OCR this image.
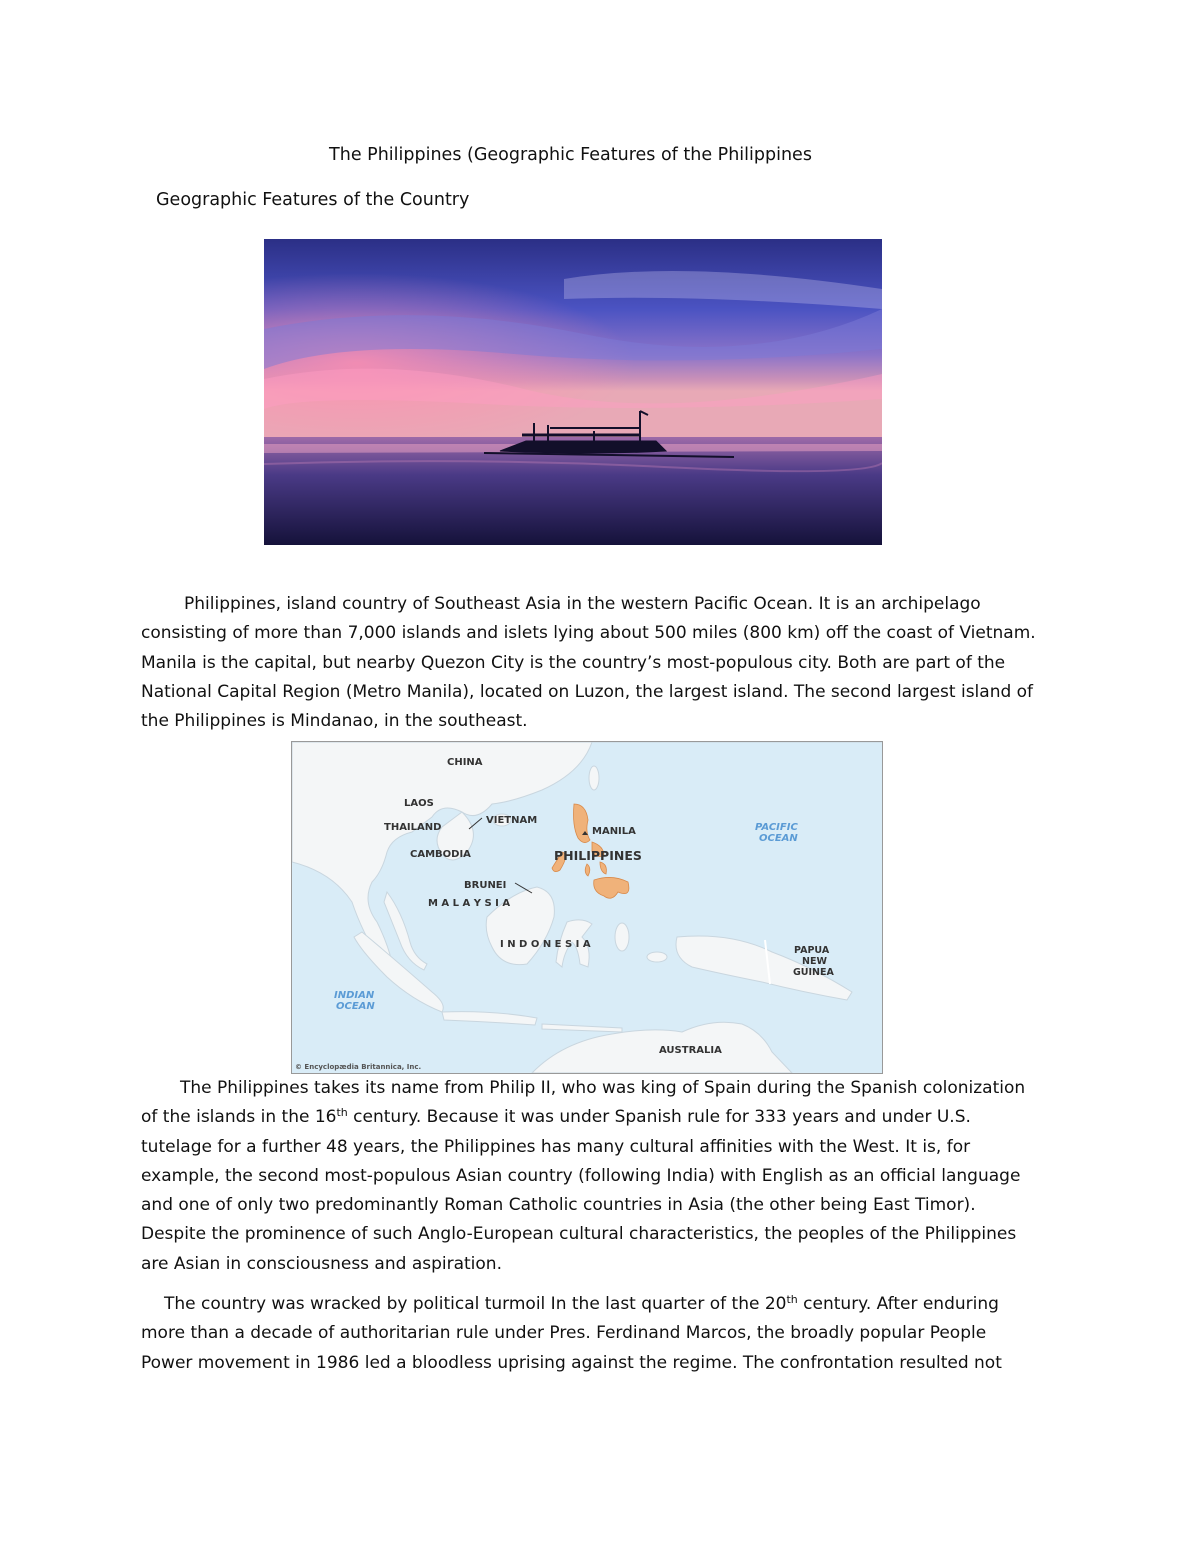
The Philippines (Geographic Features of the Philippines
Geographic Features of the Country
Philippines, island country of Southeast Asia in the western Pacific Ocean. It is an archipelago
consisting of more than 7,000 islands and islets lying about 500 miles (800 km) off the coast of Vietnam.
Manila is the capital, but nearby Quezon City is the country’s most-populous city. Both are part of the
National Capital Region (Metro Manila), located on Luzon, the largest island. The second largest island of
the Philippines is Mindanao, in the southeast.
CHINA
LAOS
THAILAND
VIETNAM
CAMBODIA
MANILA
PHILIPPINES
PACIFIC
OCEAN
BRUNEI
M A L A Y S I A
I N D O N E S I A
PAPUA
NEW
GUINEA
INDIAN
OCEAN
AUSTRALIA
© Encyclopædia Britannica, Inc.
The Philippines takes its name from Philip II, who was king of Spain during the Spanish colonization
of the islands in the 16th century. Because it was under Spanish rule for 333 years and under U.S.
tutelage for a further 48 years, the Philippines has many cultural affinities with the West. It is, for
example, the second most-populous Asian country (following India) with English as an official language
and one of only two predominantly Roman Catholic countries in Asia (the other being East Timor).
Despite the prominence of such Anglo-European cultural characteristics, the peoples of the Philippines
are Asian in consciousness and aspiration.
The country was wracked by political turmoil In the last quarter of the 20th century. After enduring
more than a decade of authoritarian rule under Pres. Ferdinand Marcos, the broadly popular People
Power movement in 1986 led a bloodless uprising against the regime. The confrontation resulted not
